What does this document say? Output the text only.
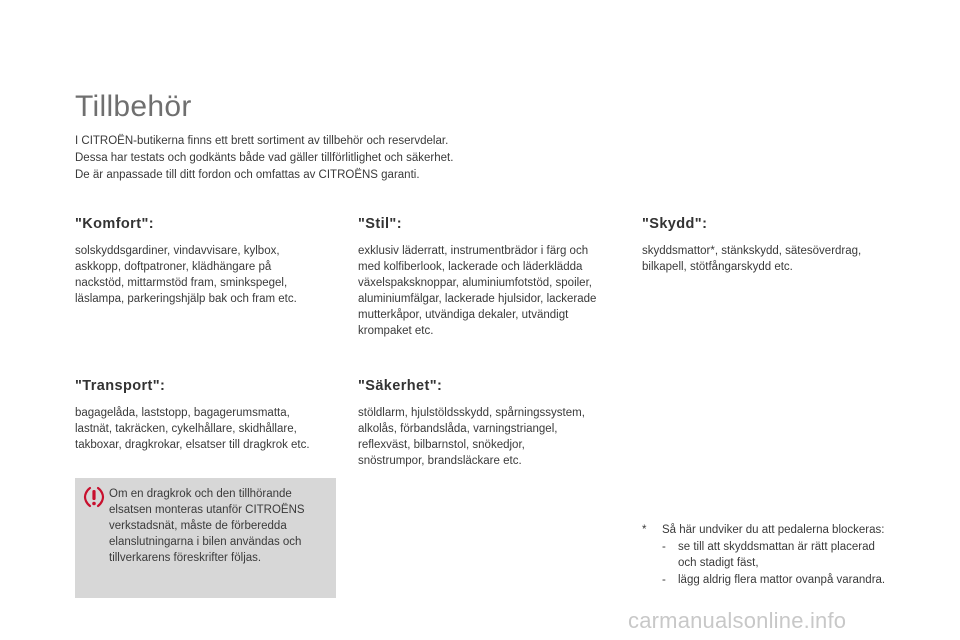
Tillbehör
I CITROËN-butikerna finns ett brett sortiment av tillbehör och reservdelar.
Dessa har testats och godkänts både vad gäller tillförlitlighet och säkerhet.
De är anpassade till ditt fordon och omfattas av CITROËNS garanti.
"Komfort":
solskyddsgardiner, vindavvisare, kylbox,
askkopp, doftpatroner, klädhängare på
nackstöd, mittarmstöd fram, sminkspegel,
läslampa, parkeringshjälp bak och fram etc.
"Stil":
exklusiv läderratt, instrumentbrädor i färg och
med kolfiberlook, lackerade och läderklädda
växelspaksknoppar, aluminiumfotstöd, spoiler,
aluminiumfälgar, lackerade hjulsidor, lackerade
mutterkåpor, utvändiga dekaler, utvändigt
krompaket etc.
"Skydd":
skyddsmattor*, stänkskydd, sätesöverdrag,
bilkapell, stötfångarskydd etc.
"Transport":
bagagelåda, laststopp, bagagerumsmatta,
lastnät, takräcken, cykelhållare, skidhållare,
takboxar, dragkrokar, elsatser till dragkrok etc.
"Säkerhet":
stöldlarm, hjulstöldsskydd, spårningssystem,
alkolås, förbandslåda, varningstriangel,
reflexväst, bilbarnstol, snökedjor,
snöstrumpor, brandsläckare etc.
Om en dragkrok och den tillhörande
elsatsen monteras utanför CITROËNS
verkstadsnät, måste de förberedda
elanslutningarna i bilen användas och
tillverkarens föreskrifter följas.
* Så här undviker du att pedalerna blockeras:
- se till att skyddsmattan är rätt placerad
och stadigt fäst,
- lägg aldrig flera mattor ovanpå varandra.
carmanualsonline.info
